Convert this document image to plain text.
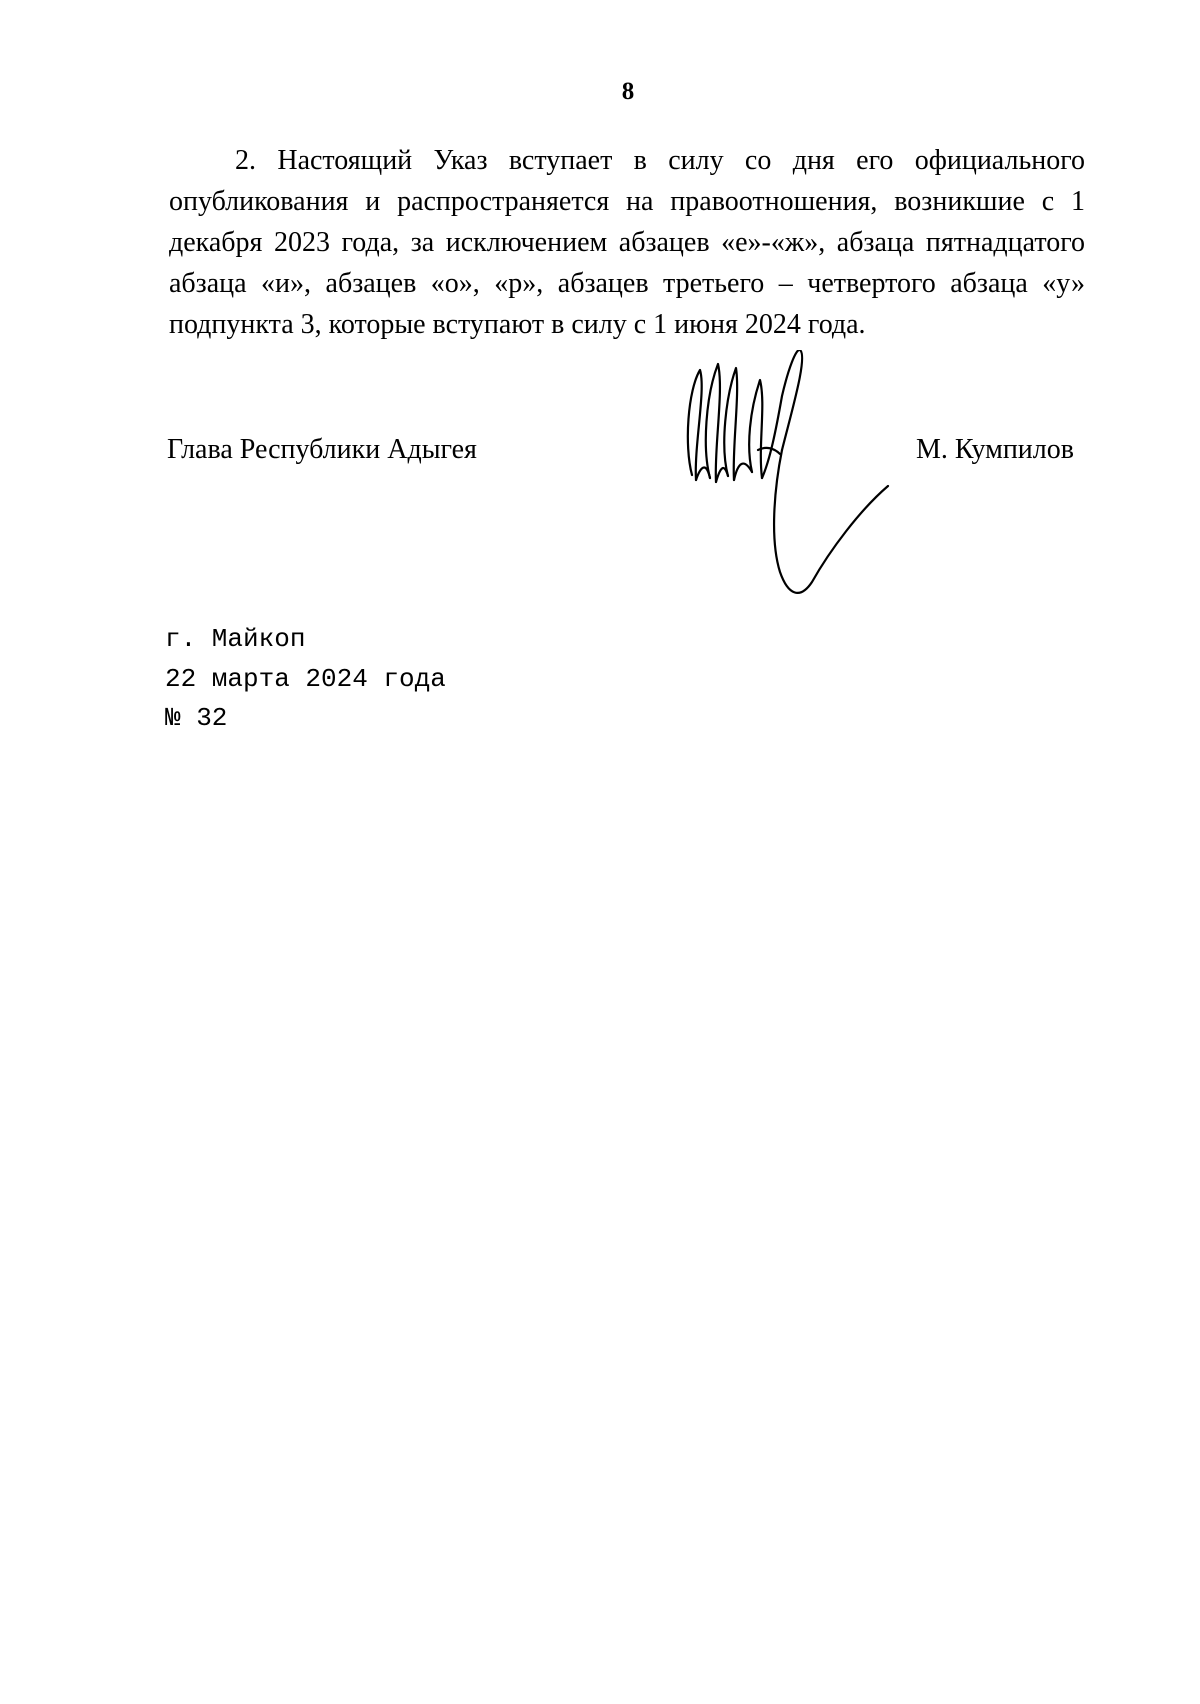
8

2. Настоящий Указ вступает в силу со дня его официального опубликования и распространяется на правоотношения, возникшие с 1 декабря 2023 года, за исключением абзацев «е»-«ж», абзаца пятнадцатого абзаца «и», абзацев «о», «р», абзацев третьего – четвертого абзаца «у» подпункта 3, которые вступают в силу с 1 июня 2024 года.

Глава Республики Адыгея	М. Кумпилов
г. Майкоп
22 марта 2024 года
№ 32
